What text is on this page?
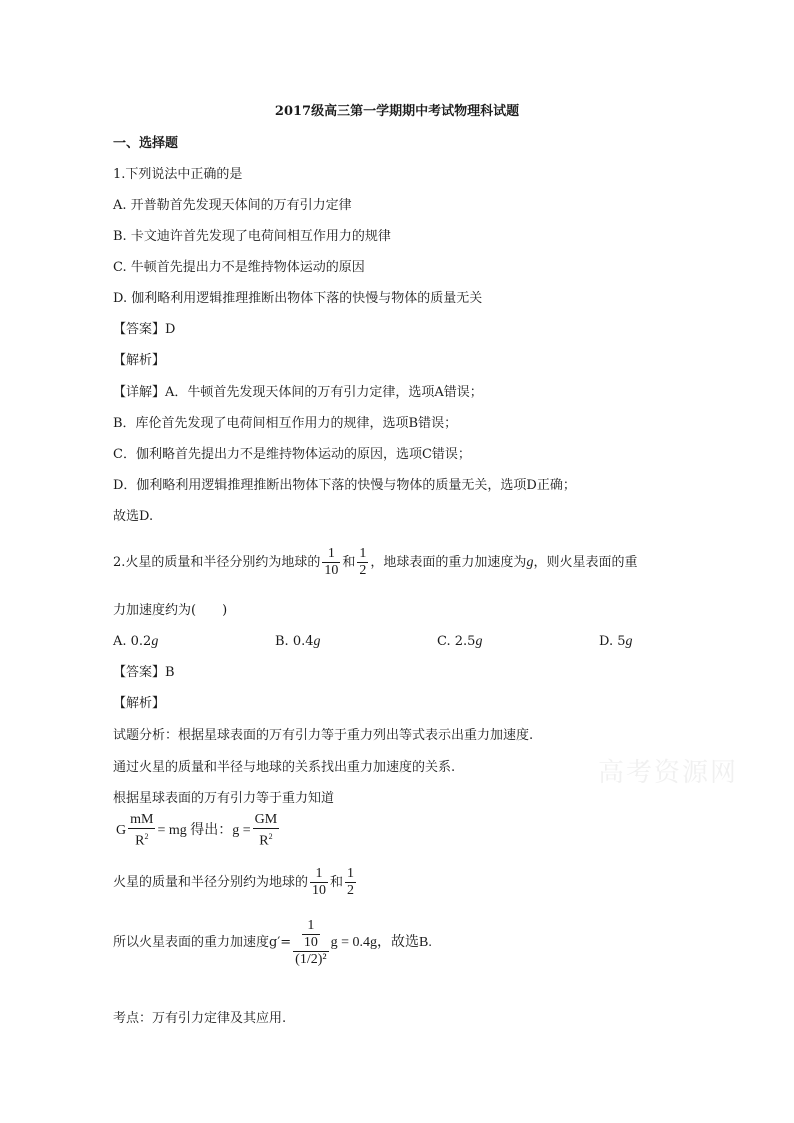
2017级高三第一学期期中考试物理科试题
一、选择题
1.下列说法中正确的是
A. 开普勒首先发现天体间的万有引力定律
B. 卡文迪许首先发现了电荷间相互作用力的规律
C. 牛顿首先提出力不是维持物体运动的原因
D. 伽利略利用逻辑推理推断出物体下落的快慢与物体的质量无关
【答案】D
【解析】
【详解】A．牛顿首先发现天体间的万有引力定律，选项A错误；
B．库伦首先发现了电荷间相互作用力的规律，选项B错误；
C．伽利略首先提出力不是维持物体运动的原因，选项C错误；
D．伽利略利用逻辑推理推断出物体下落的快慢与物体的质量无关，选项D正确；
故选D.
2.火星的质量和半径分别约为地球的 $\frac{1}{10}$ 和 $\frac{1}{2}$ ，地球表面的重力加速度为g，则火星表面的重
力加速度约为(　　)
A. 0.2g	B. 0.4g	C. 2.5g	D. 5g
【答案】B
【解析】
试题分析：根据星球表面的万有引力等于重力列出等式表示出重力加速度.
通过火星的质量和半径与地球的关系找出重力加速度的关系.
根据星球表面的万有引力等于重力知道
G $\frac{mM}{R^2}$ = mg 得出：$g = \frac{GM}{R^2}$
火星的质量和半径分别约为地球的 $\frac{1}{10}$ 和 $\frac{1}{2}$
所以火星表面的重力加速度$g'= \frac{\frac{1}{10}}{\text{(1/2)²}}$ g = 0.4g，故选B.
考点：万有引力定律及其应用.
高考资源网
